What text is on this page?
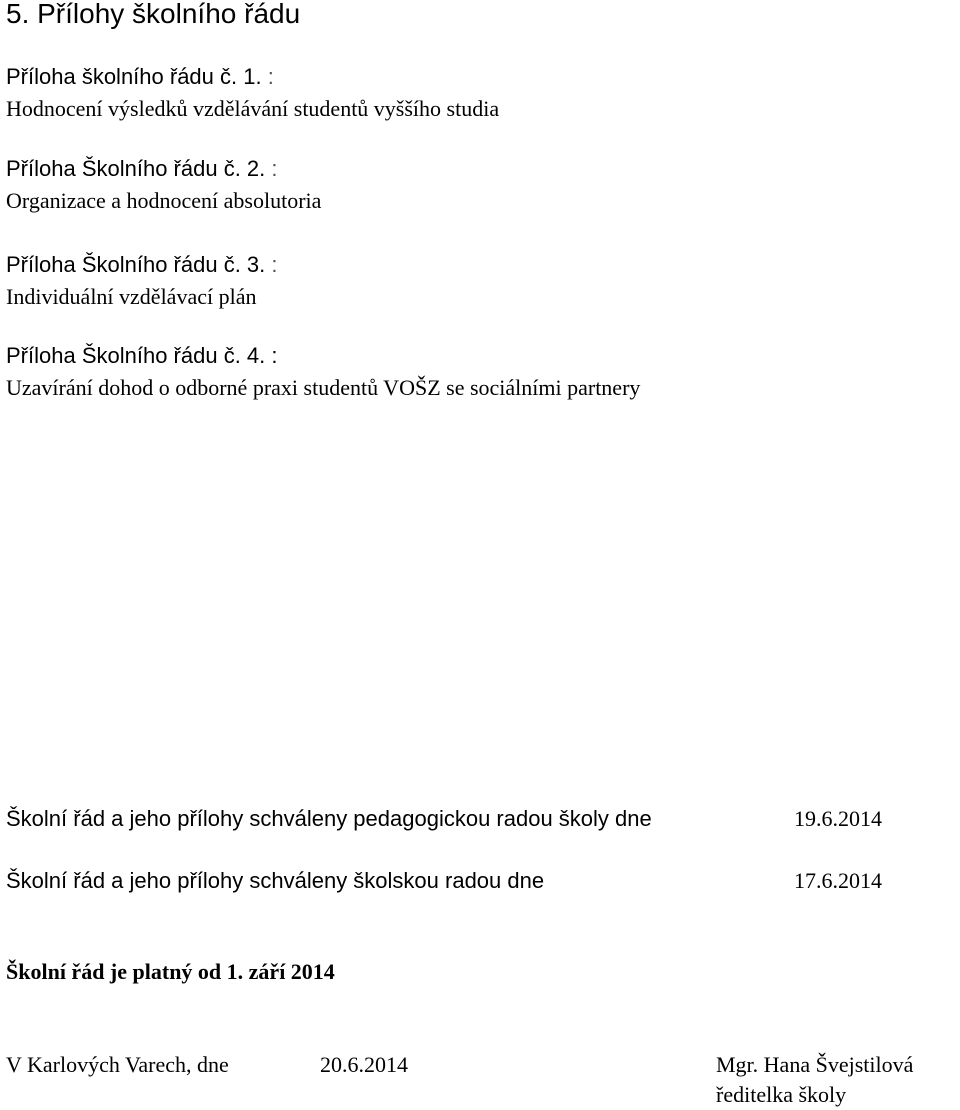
5. Přílohy školního řádu
Příloha školního řádu č. 1. :
Hodnocení výsledků vzdělávání studentů vyššího studia
Příloha Školního řádu č. 2. :
Organizace a hodnocení absolutoria
Příloha Školního řádu č. 3. :
Individuální vzdělávací plán
Příloha Školního řádu č. 4. :
Uzavírání dohod o odborné praxi studentů VOŠZ se sociálními partnery
Školní řád a jeho přílohy schváleny pedagogickou radou školy dne	19.6.2014
Školní řád a jeho přílohy schváleny školskou radou dne	17.6.2014
Školní řád je platný od 1. září 2014
V Karlových Varech, dne	20.6.2014	Mgr. Hana Švejstilová
ředitelka školy
